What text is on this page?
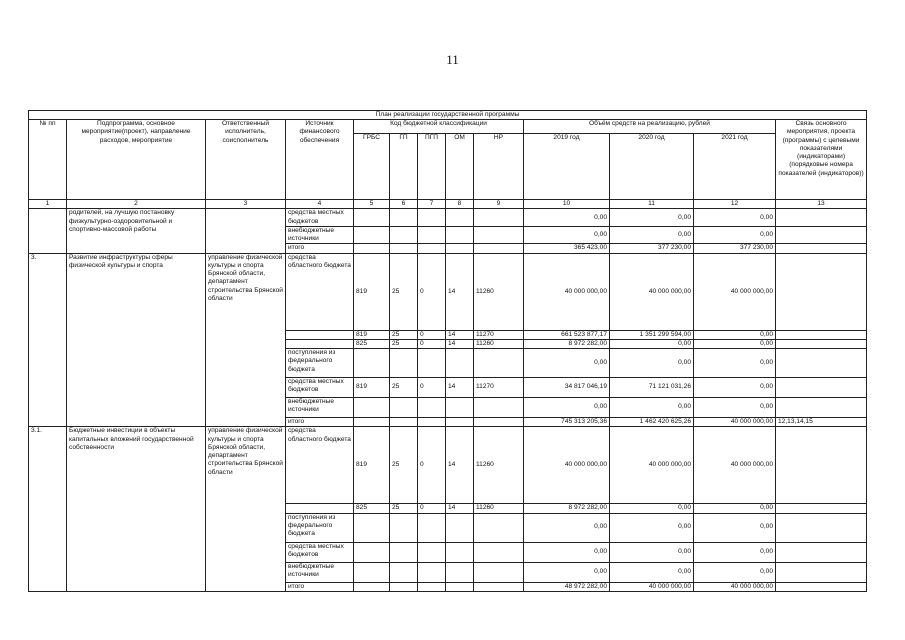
11
План реализации государственной программы												
№ пп	Подпрограмма, основное мероприятие(проект), направление расходов, мероприятие	Ответственный исполнитель, соисполнитель	Источник финансового обеспечения	Код бюджетной классификации					Объём средств на реализацию, рублей			Связь основного мероприятия, проекта (программы) с целевыми показателями (индикаторами) (порядковые номера показателей (индикаторов))
				ГРБС	ГП	ПГП	ОМ	НР	2019 год	2020 год	2021 год	
1	2	3	4	5	6	7	8	9	10	11	12	13
	родителей, на лучшую постановку физкультурно-оздоровительной и спортивно-массовой работы		средства местных бюджетов						0,00	0,00	0,00	
			внебюджетные источники						0,00	0,00	0,00	
			итого						365 423,00	377 230,00	377 230,00	
3.	Развитие инфраструктуры сферы физической культуры и спорта	управление физической культуры и спорта Брянской области, департамент строительства Брянской области	средства областного бюджета	819	25	0	14	11260	40 000 000,00	40 000 000,00	40 000 000,00	
				819	25	0	14	11270	661 523 877,17	1 351 299 594,00	0,00	
				825	25	0	14	11260	8 972 282,00	0,00	0,00	
			поступления из федерального бюджета						0,00	0,00	0,00	
			средства местных бюджетов	819	25	0	14	11270	34 817 046,19	71 121 031,26	0,00	
			внебюджетные источники						0,00	0,00	0,00	
			итого						745 313 205,36	1 462 420 625,26	40 000 000,00	12,13,14,15
3.1.	Бюджетные инвестиции в объекты капитальных вложений государственной собственности	управление физической культуры и спорта Брянской области, департамент строительства Брянской области	средства областного бюджета	819	25	0	14	11260	40 000 000,00	40 000 000,00	40 000 000,00	
				825	25	0	14	11260	8 972 282,00	0,00	0,00	
			поступления из федерального бюджета						0,00	0,00	0,00	
			средства местных бюджетов						0,00	0,00	0,00	
			внебюджетные источники						0,00	0,00	0,00	
			итого						48 972 282,00	40 000 000,00	40 000 000,00	
